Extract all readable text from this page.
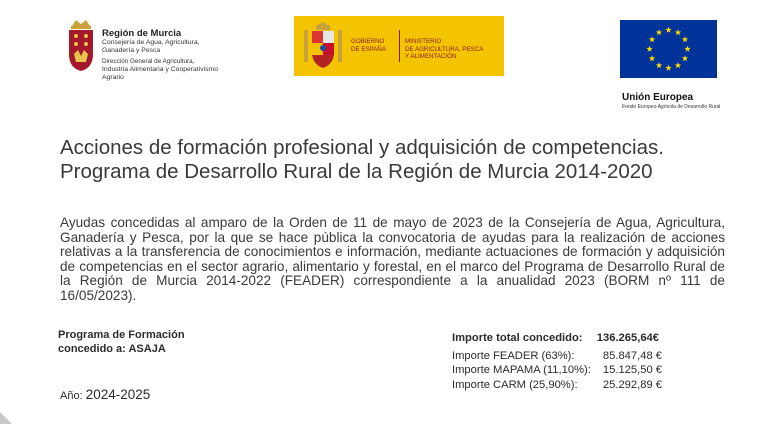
Región de Murcia
Consejería de Agua, Agricultura,
Ganadería y Pesca
Dirección General de Agricultura,
Industria Alimentaria y Cooperativismo Agrario
GOBIERNO
DE ESPAÑA
MINISTERIO
DE AGRICULTURA, PESCA
Y ALIMENTACIÓN
Unión Europea
Fondo Europeo Agrícola de Desarrollo Rural
Acciones de formación profesional y adquisición de competencias.
Programa de Desarrollo Rural de la Región de Murcia 2014-2020
Ayudas concedidas al amparo de la Orden de 11 de mayo de 2023 de la Consejería de Agua, Agricultura, Ganadería y Pesca, por la que se hace pública la convocatoria de ayudas para la realización de acciones relativas a la transferencia de conocimientos e información, mediante actuaciones de formación y adquisición de competencias en el sector agrario, alimentario y forestal, en el marco del Programa de Desarrollo Rural de la Región de Murcia 2014-2022 (FEADER) correspondiente a la anualidad 2023 (BORM nº 111 de 16/05/2023).
Programa de Formación
concedido a: ASAJA
Año: 2024-2025
Importe total concedido: 136.265,64€
Importe FEADER (63%):	85.847,48 €
Importe MAPAMA (11,10%): 15.125,50 €
Importe CARM (25,90%): 25.292,89 €
